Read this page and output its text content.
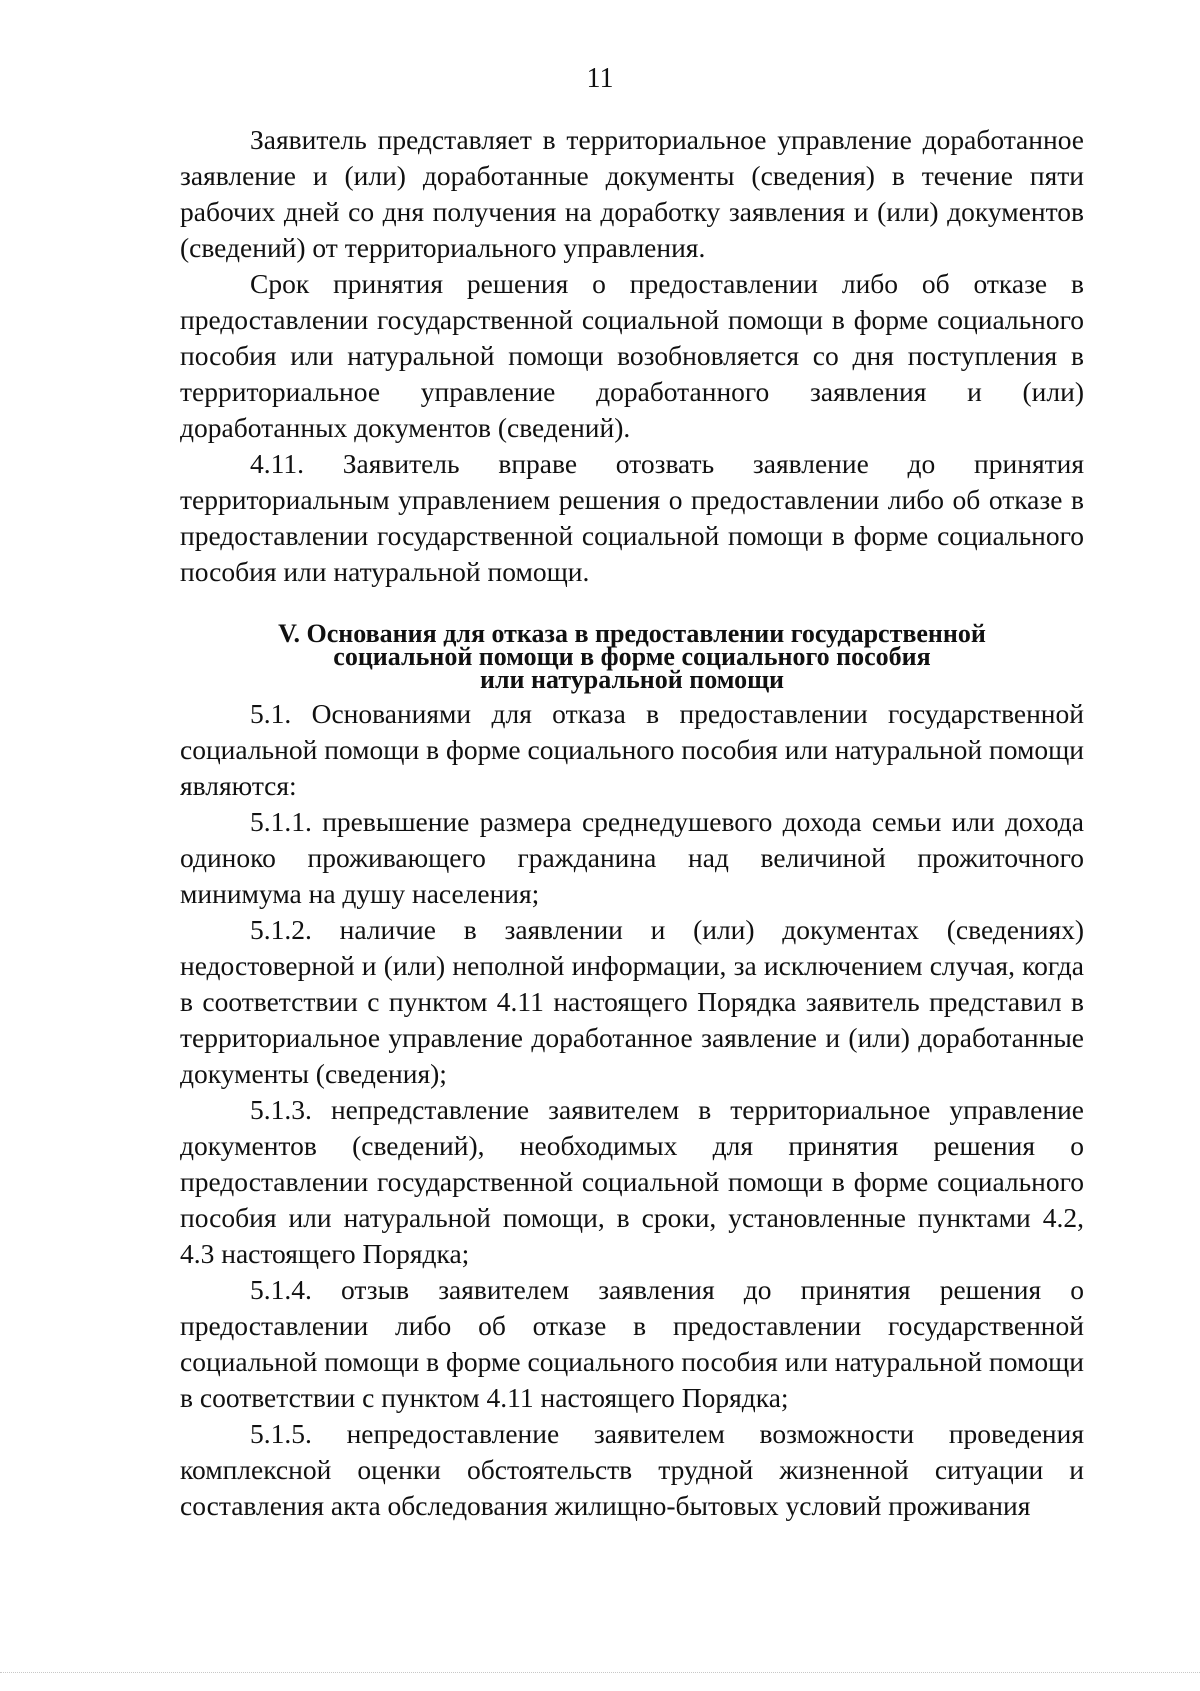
11

Заявитель представляет в территориальное управление доработанное заявление и (или) доработанные документы (сведения) в течение пяти рабочих дней со дня получения на доработку заявления и (или) документов (сведений) от территориального управления.

Срок принятия решения о предоставлении либо об отказе в предоставлении государственной социальной помощи в форме социального пособия или натуральной помощи возобновляется со дня поступления в территориальное управление доработанного заявления и (или) доработанных документов (сведений).

4.11. Заявитель вправе отозвать заявление до принятия территориальным управлением решения о предоставлении либо об отказе в предоставлении государственной социальной помощи в форме социального пособия или натуральной помощи.

V. Основания для отказа в предоставлении государственной
социальной помощи в форме социального пособия
или натуральной помощи

5.1. Основаниями для отказа в предоставлении государственной социальной помощи в форме социального пособия или натуральной помощи являются:

5.1.1. превышение размера среднедушевого дохода семьи или дохода одиноко проживающего гражданина над величиной прожиточного минимума на душу населения;

5.1.2. наличие в заявлении и (или) документах (сведениях) недостоверной и (или) неполной информации, за исключением случая, когда в соответствии с пунктом 4.11 настоящего Порядка заявитель представил в территориальное управление доработанное заявление и (или) доработанные документы (сведения);

5.1.3. непредставление заявителем в территориальное управление документов (сведений), необходимых для принятия решения о предоставлении государственной социальной помощи в форме социального пособия или натуральной помощи, в сроки, установленные пунктами 4.2, 4.3 настоящего Порядка;

5.1.4. отзыв заявителем заявления до принятия решения о предоставлении либо об отказе в предоставлении государственной социальной помощи в форме социального пособия или натуральной помощи в соответствии с пунктом 4.11 настоящего Порядка;

5.1.5. непредоставление заявителем возможности проведения комплексной оценки обстоятельств трудной жизненной ситуации и составления акта обследования жилищно-бытовых условий проживания
